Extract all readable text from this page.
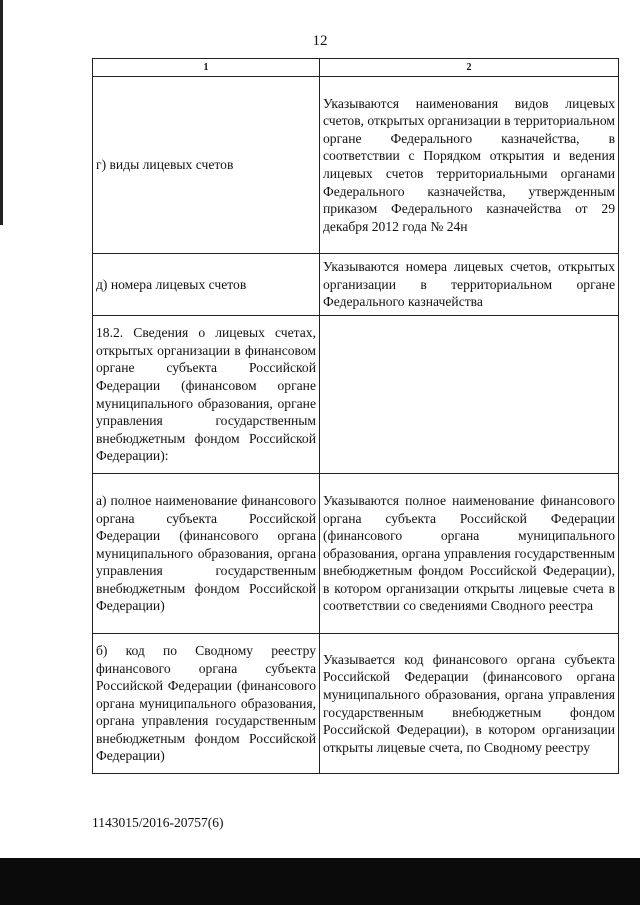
12
1	2
г) виды лицевых счетов	Указываются наименования видов лицевых счетов, открытых организации в территориальном органе Федерального казначейства, в соответствии с Порядком открытия и ведения лицевых счетов территориальными органами Федерального казначейства, утвержденным приказом Федерального казначейства от 29 декабря 2012 года № 24н
д) номера лицевых счетов	Указываются номера лицевых счетов, открытых организации в территориальном органе Федерального казначейства
18.2. Сведения о лицевых счетах, открытых организации в финансовом органе субъекта Российской Федерации (финансовом органе муниципального образования, органе управления государственным внебюджетным фондом Российской Федерации):	
а) полное наименование финансового органа субъекта Российской Федерации (финансового органа муниципального образования, органа управления государственным внебюджетным фондом Российской Федерации)	Указываются полное наименование финансового органа субъекта Российской Федерации (финансового органа муниципального образования, органа управления государственным внебюджетным фондом Российской Федерации), в котором организации открыты лицевые счета в соответствии со сведениями Сводного реестра
б) код по Сводному реестру финансового органа субъекта Российской Федерации (финансового органа муниципального образования, органа управления государственным внебюджетным фондом Российской Федерации)	Указывается код финансового органа субъекта Российской Федерации (финансового органа муниципального образования, органа управления государственным внебюджетным фондом Российской Федерации), в котором организации открыты лицевые счета, по Сводному реестру
1143015/2016-20757(6)
